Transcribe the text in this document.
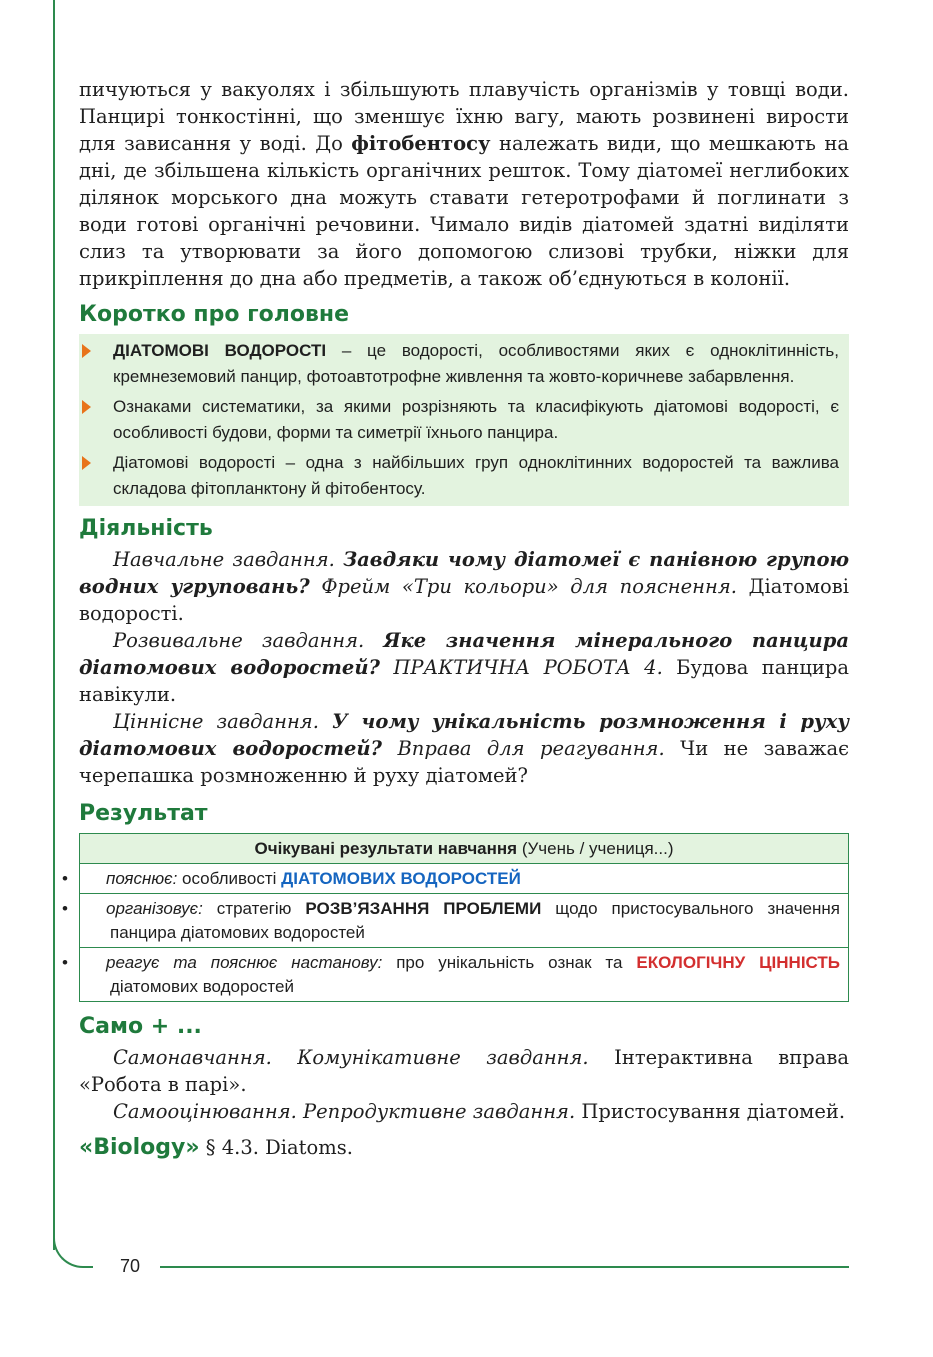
70

пичуються у вакуолях і збільшують плавучість організмів у товщі води. Панцирі тонкостінні, що зменшує їхню вагу, мають розвинені вирости для зависання у воді. До фітобентосу належать види, що мешкають на дні, де збільшена кількість органічних решток. Тому діатомеї неглибоких ділянок морського дна можуть ставати гетеротрофами й поглинати з води готові органічні речовини. Чимало видів діатомей здатні виділяти слиз та утворювати за його допомогою слизові трубки, ніжки для прикріплення до дна або предметів, а також об’єднуються в колонії.

Коротко про головне
ДІАТОМОВІ ВОДОРОСТІ – це водорості, особливостями яких є одноклітинність, кремнеземовий панцир, фотоавтотрофне живлення та жовто-коричневе забарвлення.
Ознаками систематики, за якими розрізняють та класифікують діатомові водорості, є особливості будови, форми та симетрії їхнього панцира.
Діатомові водорості – одна з найбільших груп одноклітинних водоростей та важлива складова фітопланктону й фітобентосу.
Діяльність

Навчальне завдання. Завдяки чому діатомеї є панівною групою водних угруповань? Фрейм «Три кольори» для пояснення. Діатомові водорості.

Розвивальне завдання. Яке значення мінерального панцира діатомових водоростей? ПРАКТИЧНА РОБОТА 4. Будова панцира навікули.

Ціннісне завдання. У чому унікальність розмноження і руху діатомових водоростей? Вправа для реагування. Чи не заважає черепашка розмноженню й руху діатомей?

Результат
Очікувані результати навчання (Учень / учениця...)

• пояснює: особливості ДІАТОМОВИХ ВОДОРОСТЕЙ

• організовує: стратегію РОЗВ’ЯЗАННЯ ПРОБЛЕМИ щодо пристосувального значення панцира діатомових водоростей

• реагує та пояснює настанову: про унікальність ознак та ЕКОЛОГІЧНУ ЦІННІСТЬ діатомових водоростей
Само + ...

Самонавчання. Комунікативне завдання. Інтерактивна вправа «Робота в парі».

Самооцінювання. Репродуктивне завдання. Пристосування діатомей.

«Biology» § 4.3. Diatoms.
